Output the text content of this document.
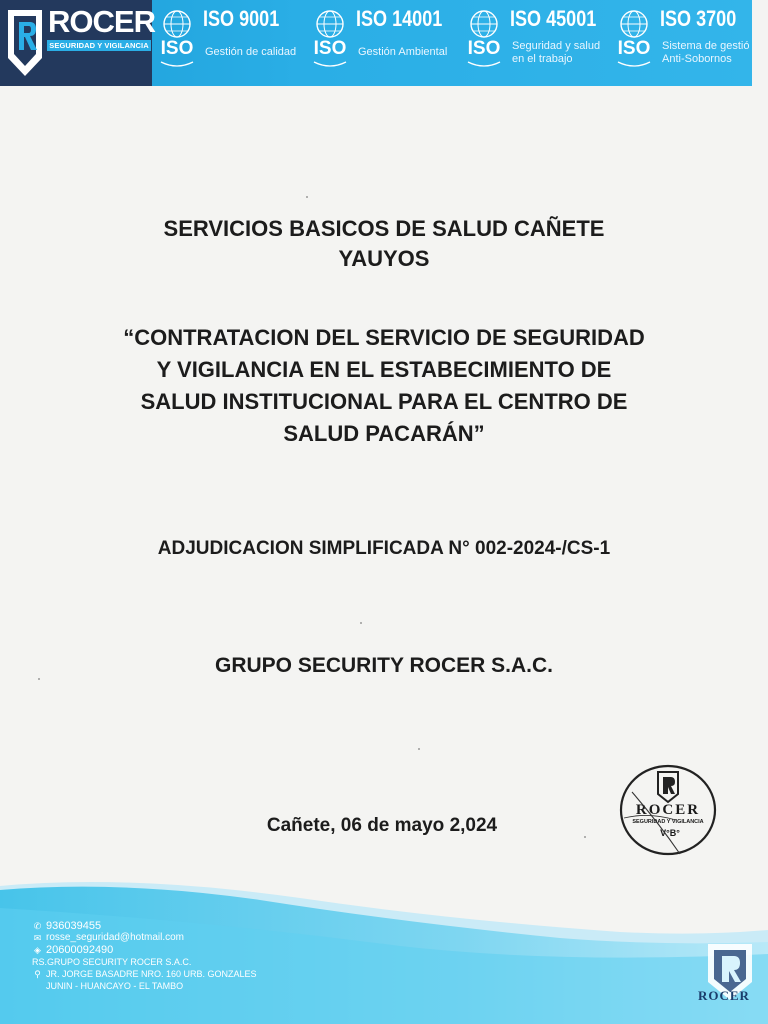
ROCER
SEGURIDAD Y VIGILANCIA ISO
ISO 9001
Gestión de calidad ISO
ISO 14001
Gestión Ambiental	ISO
ISO 45001
Seguridad y salud en el trabajo	ISO
ISO 3700
Sistema de gestió Anti-Sobornos
SERVICIOS BASICOS DE SALUD CAÑETE
YAUYOS
“CONTRATACION DEL SERVICIO DE SEGURIDAD
Y VIGILANCIA EN EL ESTABECIMIENTO DE
SALUD INSTITUCIONAL PARA EL CENTRO DE
SALUD PACARÁN”
ADJUDICACION SIMPLIFICADA N° 002-2024-/CS-1
GRUPO SECURITY ROCER S.A.C.
Cañete, 06 de mayo 2,024
ROCER
SEGURIDAD Y VIGILANCIA
V°B°
✆ 936039455
✉ rosse_seguridad@hotmail.com
◈ 20600092490
RS.GRUPO SECURITY ROCER S.A.C.
⚲ JR. JORGE BASADRE NRO. 160 URB. GONZALES
JUNIN - HUANCAYO - EL TAMBO
ROCER
